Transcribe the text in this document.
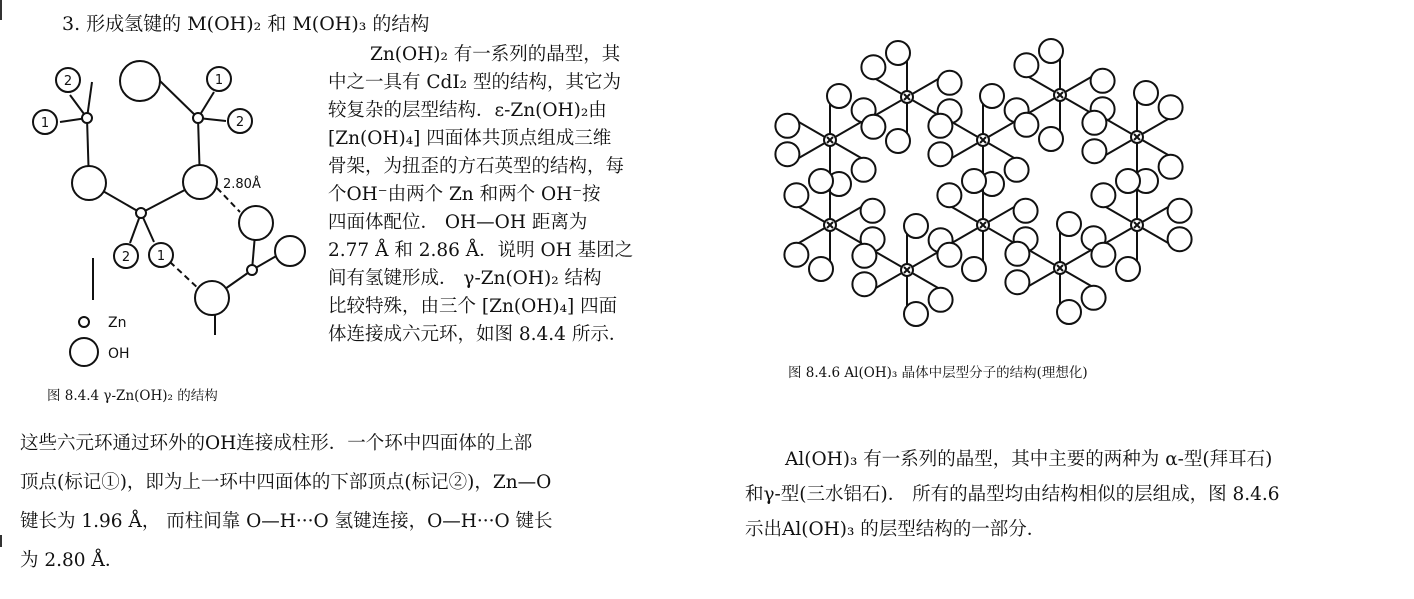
3. 形成氢键的 M(OH)₂ 和 M(OH)₃ 的结构
2
1
1
2
2 1
2.80Å
Zn
OH
图 8.4.4 γ-Zn(OH)₂ 的结构
Zn(OH)₂ 有一系列的晶型，其
中之一具有 CdI₂ 型的结构，其它为
较复杂的层型结构．ε-Zn(OH)₂由
[Zn(OH)₄] 四面体共顶点组成三维
骨架，为扭歪的方石英型的结构，每
个OH⁻由两个 Zn 和两个 OH⁻按
四面体配位． OH—OH 距离为
2.77 Å 和 2.86 Å．说明 OH 基团之
间有氢键形成． γ-Zn(OH)₂ 结构
比较特殊，由三个 [Zn(OH)₄] 四面
体连接成六元环，如图 8.4.4 所示．
这些六元环通过环外的OH连接成柱形．一个环中四面体的上部
顶点(标记①)，即为上一环中四面体的下部顶点(标记②)，Zn—O
键长为 1.96 Å， 而柱间靠 O—H···O 氢键连接，O—H···O 键长
为 2.80 Å．
图 8.4.6 Al(OH)₃ 晶体中层型分子的结构(理想化)
Al(OH)₃ 有一系列的晶型，其中主要的两种为 α-型(拜耳石)
和γ-型(三水铝石)． 所有的晶型均由结构相似的层组成，图 8.4.6
示出Al(OH)₃ 的层型结构的一部分．
